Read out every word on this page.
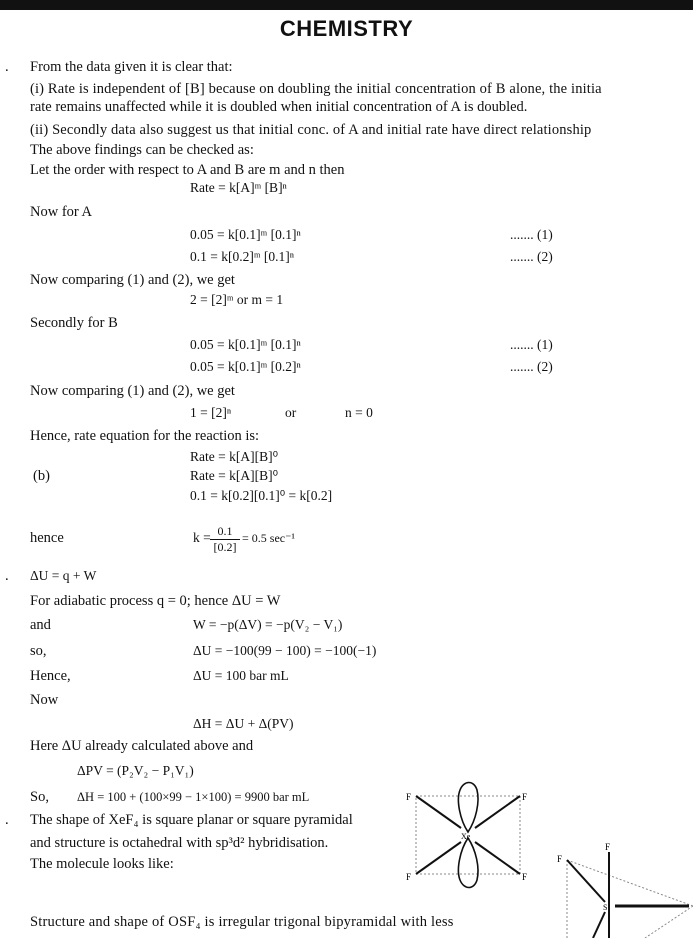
CHEMISTRY
. From the data given it is clear that:
(i) Rate is independent of [B] because on doubling the initial concentration of B alone, the initia
rate remains unaffected while it is doubled when initial concentration of A is doubled.
(ii) Secondly data also suggest us that initial conc. of A and initial rate have direct relationship
The above findings can be checked as:
Let the order with respect to A and B are m and n then
Rate = k[A]ᵐ [B]ⁿ
Now for A
0.05 = k[0.1]ᵐ [0.1]ⁿ	....... (1)
0.1 = k[0.2]ᵐ [0.1]ⁿ	....... (2)
Now comparing (1) and (2), we get
2 = [2]ᵐ or m = 1
Secondly for B
0.05 = k[0.1]ᵐ [0.1]ⁿ	....... (1)
0.05 = k[0.1]ᵐ [0.2]ⁿ	....... (2)
Now comparing (1) and (2), we get
1 = [2]ⁿ	or	n = 0
Hence, rate equation for the reaction is:
Rate = k[A][B]⁰
(b)	Rate = k[A][B]⁰
0.1 = k[0.2][0.1]⁰ = k[0.2]
hence	$k = \frac{0.1}{[0.2]} = 0.5$ sec⁻¹
. ΔU = q + W
For adiabatic process q = 0; hence ΔU = W
and	W = −p(ΔV) = −p(V₂ − V₁)
so,	ΔU = −100(99 − 100) = −100(−1)
Hence,	ΔU = 100 bar mL
Now
ΔH = ΔU + Δ(PV)
Here ΔU already calculated above and
ΔPV = (P₂V₂ − P₁V₁)
So, ΔH = 100 + (100×99 − 1×100) = 9900 bar mL
. The shape of XeF₄ is square planar or square pyramidal
and structure is octahedral with sp³d² hybridisation.
The molecule looks like:
Structure and shape of OSF₄ is irregular trigonal bipyramidal with less
F	F
F	F
Xe
F
F
S
